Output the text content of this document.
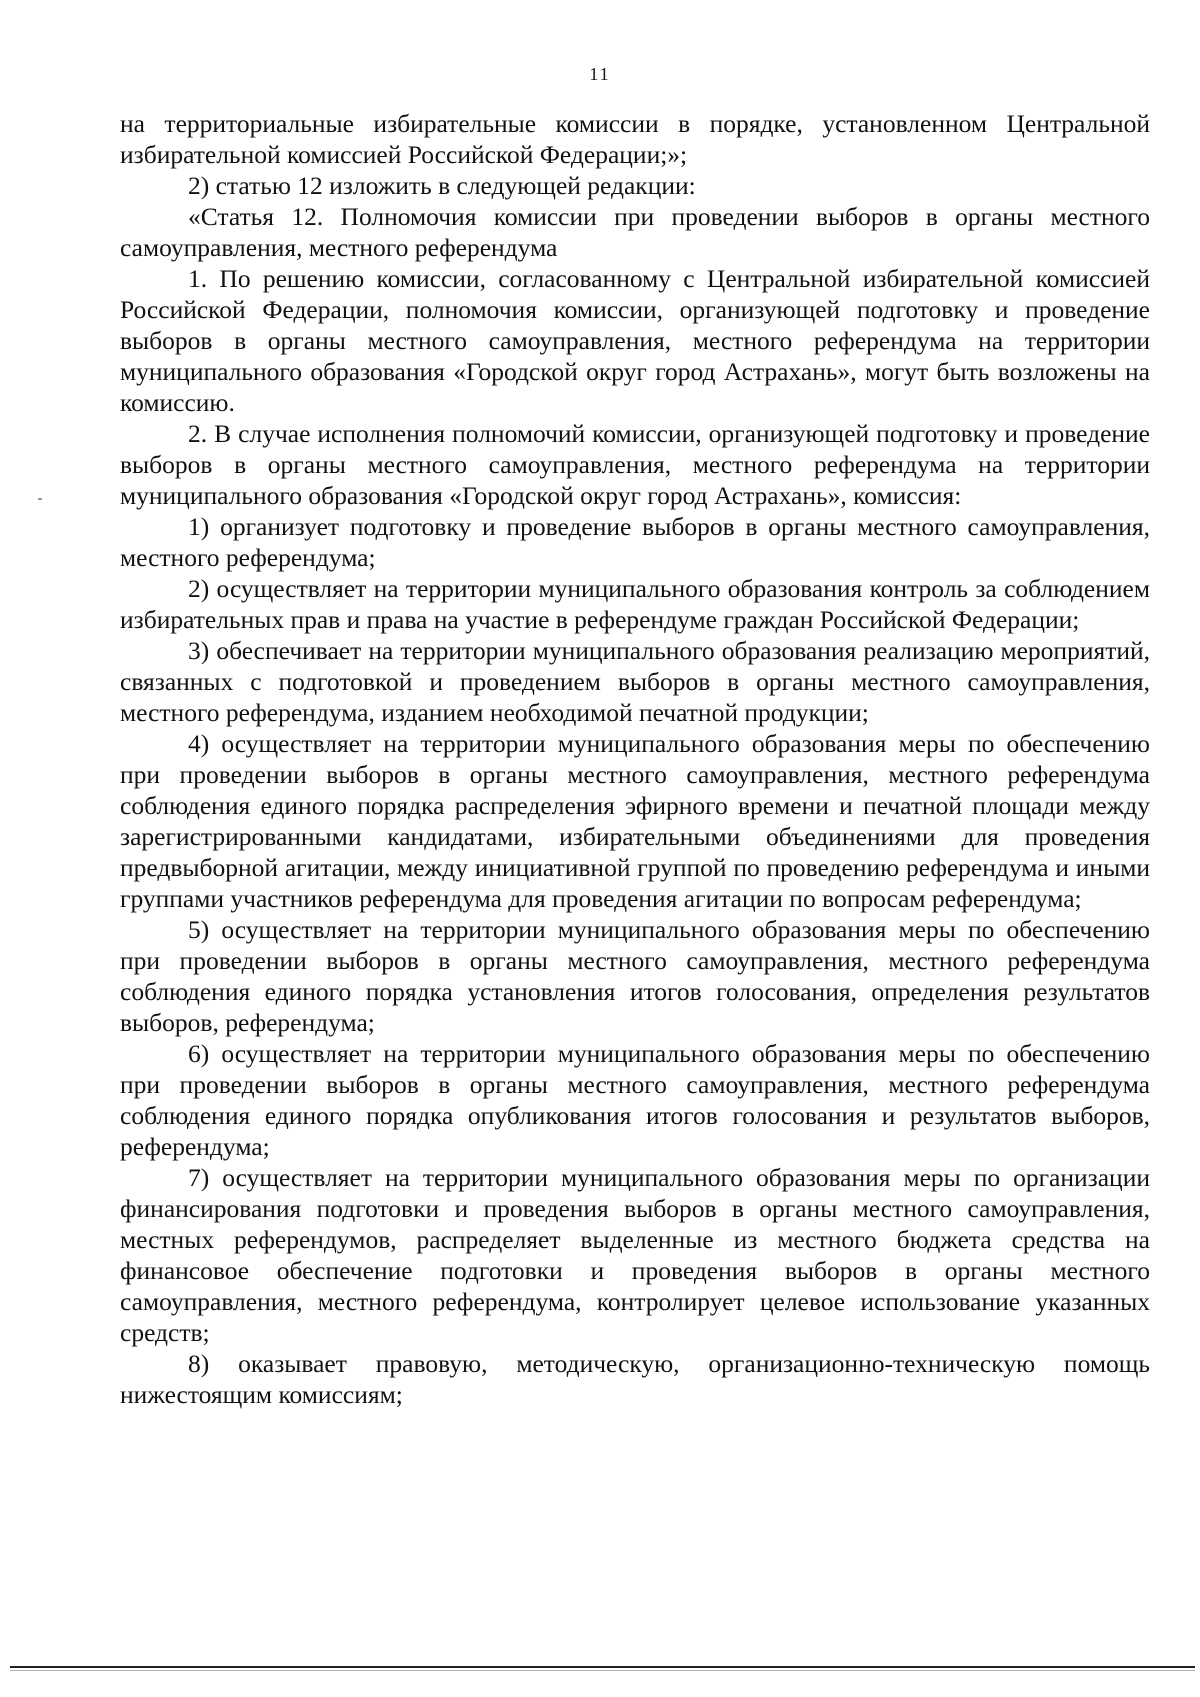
11

на территориальные избирательные комиссии в порядке, установленном Центральной избирательной комиссией Российской Федерации;»;

2) статью 12 изложить в следующей редакции:

«Статья 12. Полномочия комиссии при проведении выборов в органы местного самоуправления, местного референдума

1. По решению комиссии, согласованному с Центральной избирательной комиссией Российской Федерации, полномочия комиссии, организующей подготовку и проведение выборов в органы местного самоуправления, местного референдума на территории муниципального образования «Городской округ город Астрахань», могут быть возложены на комиссию.

2. В случае исполнения полномочий комиссии, организующей подготовку и проведение выборов в органы местного самоуправления, местного референдума на территории муниципального образования «Городской округ город Астрахань», комиссия:

1) организует подготовку и проведение выборов в органы местного самоуправления, местного референдума;

2) осуществляет на территории муниципального образования контроль за соблюдением избирательных прав и права на участие в референдуме граждан Российской Федерации;

3) обеспечивает на территории муниципального образования реализацию мероприятий, связанных с подготовкой и проведением выборов в органы местного самоуправления, местного референдума, изданием необходимой печатной продукции;

4) осуществляет на территории муниципального образования меры по обеспечению при проведении выборов в органы местного самоуправления, местного референдума соблюдения единого порядка распределения эфирного времени и печатной площади между зарегистрированными кандидатами, избирательными объединениями для проведения предвыборной агитации, между инициативной группой по проведению референдума и иными группами участников референдума для проведения агитации по вопросам референдума;

5) осуществляет на территории муниципального образования меры по обеспечению при проведении выборов в органы местного самоуправления, местного референдума соблюдения единого порядка установления итогов голосования, определения результатов выборов, референдума;

6) осуществляет на территории муниципального образования меры по обеспечению при проведении выборов в органы местного самоуправления, местного референдума соблюдения единого порядка опубликования итогов голосования и результатов выборов, референдума;

7) осуществляет на территории муниципального образования меры по организации финансирования подготовки и проведения выборов в органы местного самоуправления, местных референдумов, распределяет выделенные из местного бюджета средства на финансовое обеспечение подготовки и проведения выборов в органы местного самоуправления, местного референдума, контролирует целевое использование указанных средств;

8) оказывает правовую, методическую, организационно-техническую помощь нижестоящим комиссиям;
